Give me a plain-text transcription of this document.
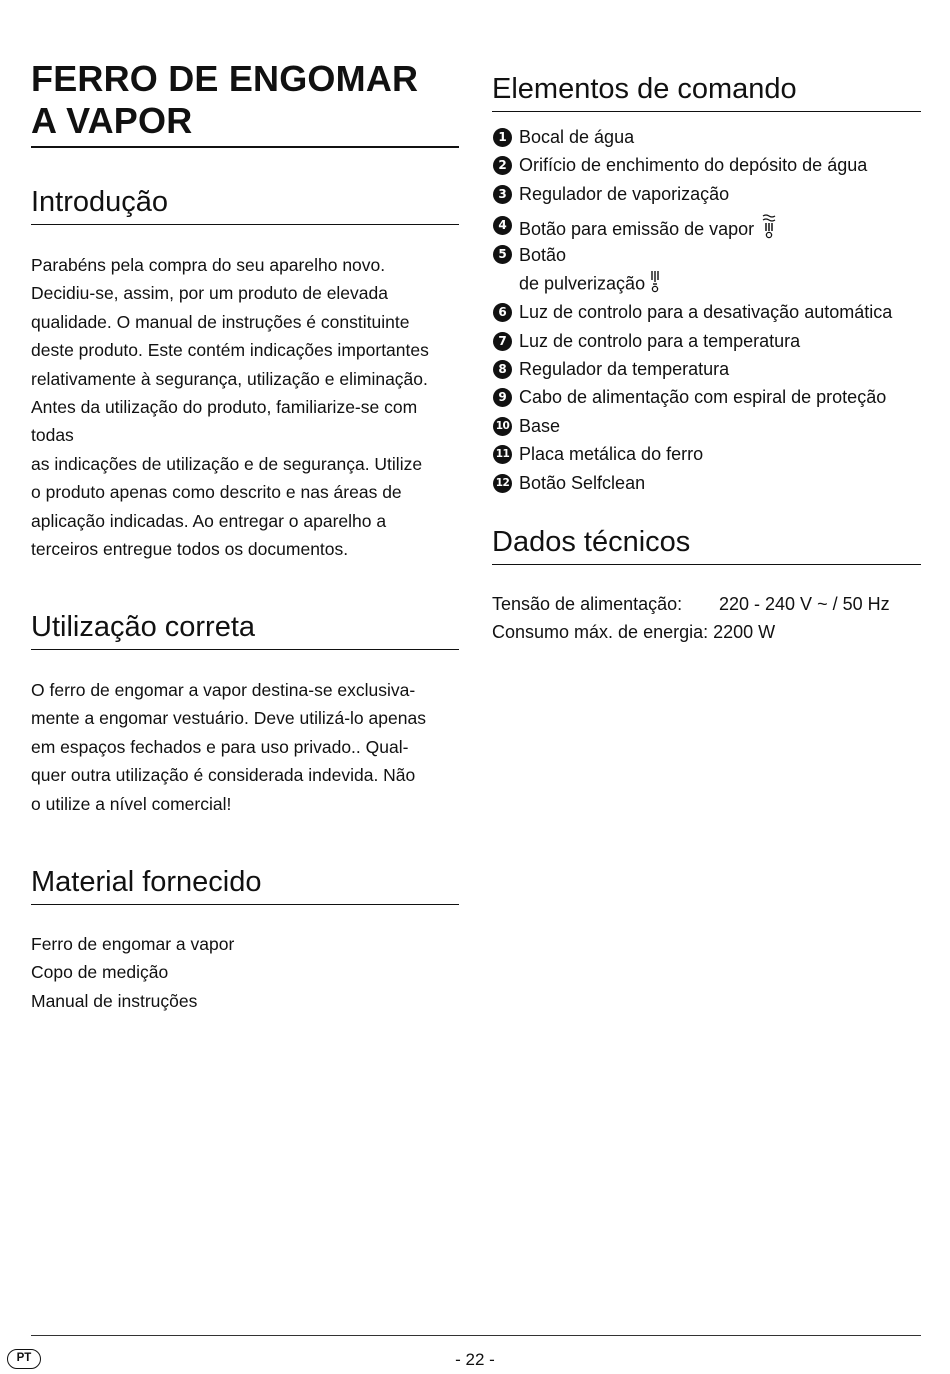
FERRO DE ENGOMAR
A VAPOR
Introdução

Parabéns pela compra do seu aparelho novo.

Decidiu-se, assim, por um produto de elevada

qualidade. O manual de instruções é constituinte

deste produto. Este contém indicações importantes

relativamente à segurança, utilização e eliminação.

Antes da utilização do produto, familiarize-se com

todas

as indicações de utilização e de segurança. Utilize

o produto apenas como descrito e nas áreas de

aplicação indicadas. Ao entregar o aparelho a

terceiros entregue todos os documentos.

Utilização correta

O ferro de engomar a vapor destina-se exclusiva-

mente a engomar vestuário. Deve utilizá-lo apenas

em espaços fechados e para uso privado.. Qual-

quer outra utilização é considerada indevida. Não

o utilize a nível comercial!

Material fornecido

Ferro de engomar a vapor

Copo de medição

Manual de instruções

Elementos de comando
1 Bocal de água
2 Orifício de enchimento do depósito de água
3 Regulador de vaporização
4 Botão para emissão de vapor
5 Botão
de pulverização
6 Luz de controlo para a desativação automática
7 Luz de controlo para a temperatura
8 Regulador da temperatura
9 Cabo de alimentação com espiral de proteção
10 Base
11 Placa metálica do ferro
12 Botão Selfclean
Dados técnicos
Tensão de alimentação: 220 - 240 V ~ / 50 Hz
Consumo máx. de energia: 2200 W
PT	- 22 -
